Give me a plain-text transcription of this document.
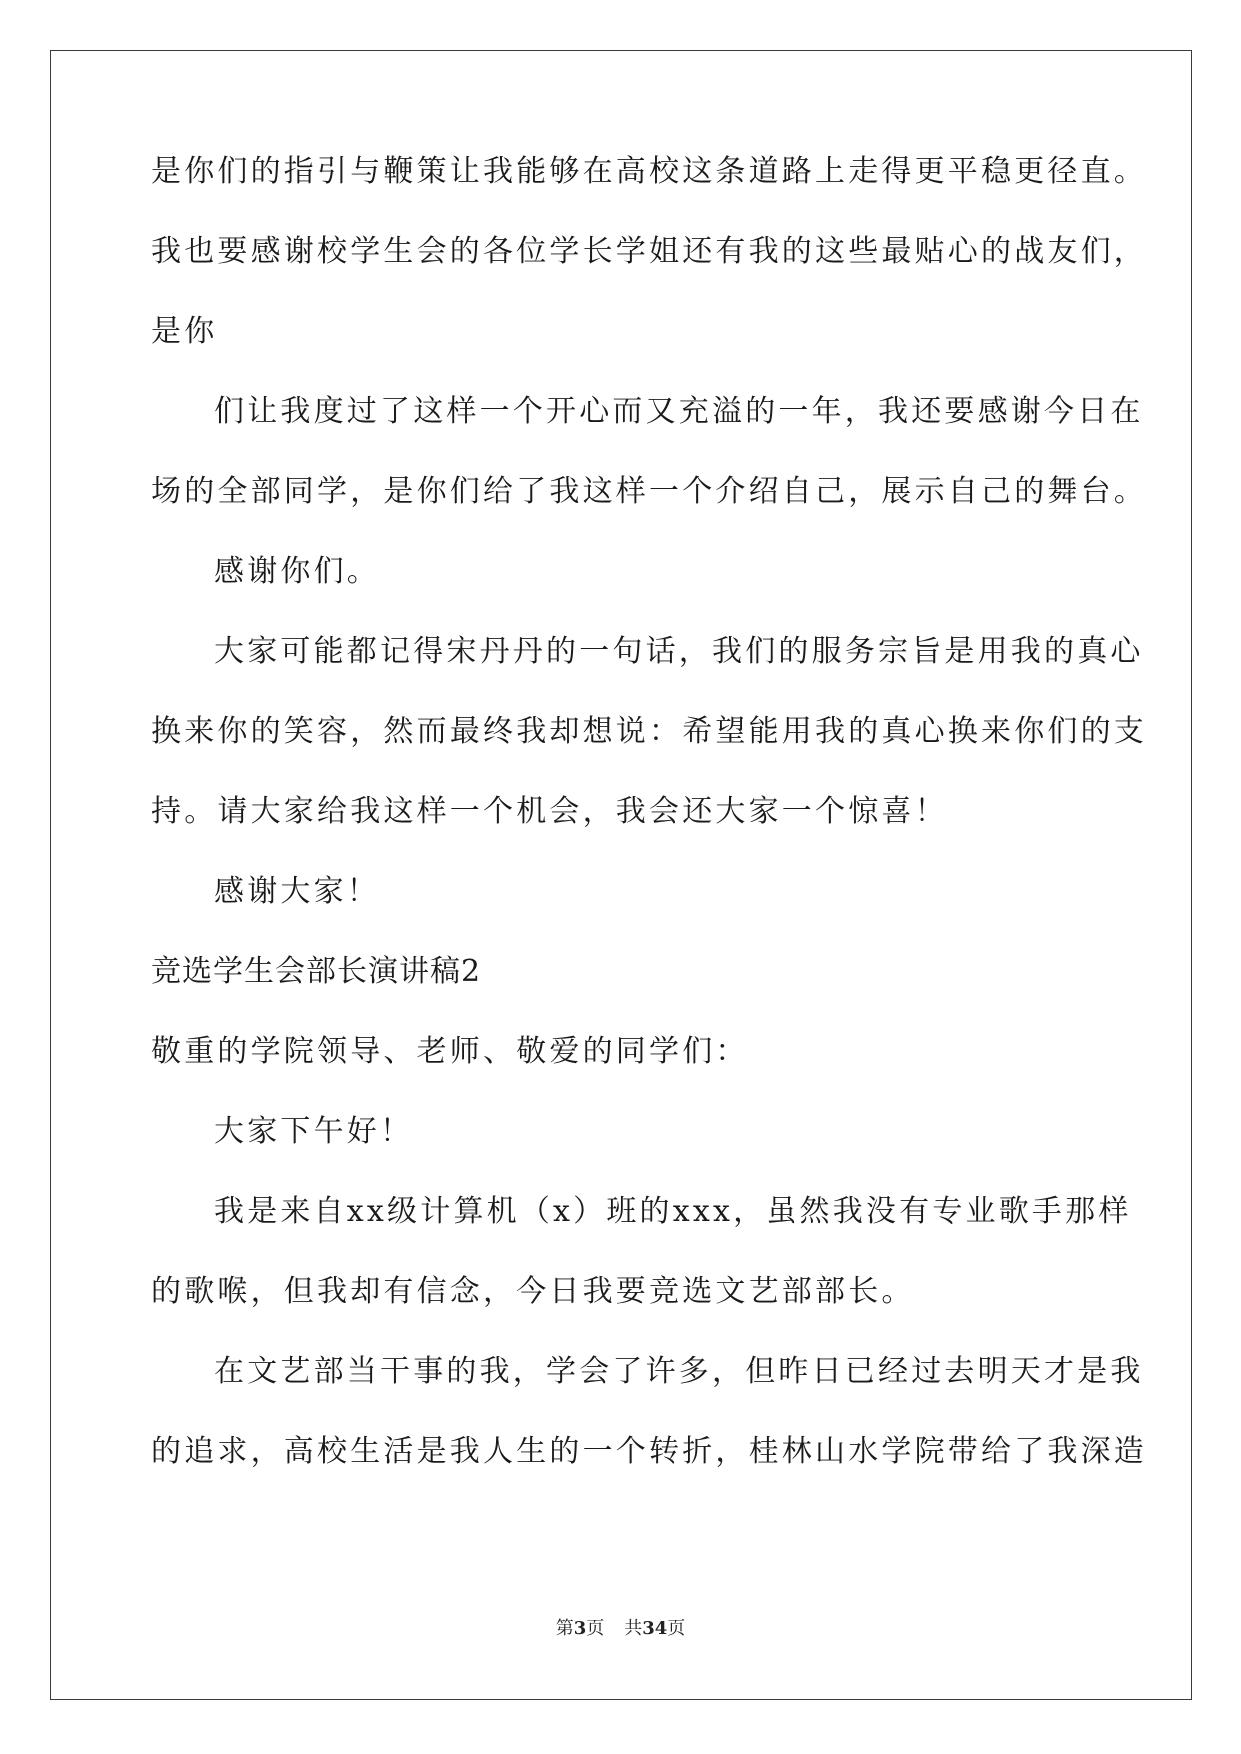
是你们的指引与鞭策让我能够在高校这条道路上走得更平稳更径直。
我也要感谢校学生会的各位学长学姐还有我的这些最贴心的战友们，
是你
们让我度过了这样一个开心而又充溢的一年，我还要感谢今日在
场的全部同学，是你们给了我这样一个介绍自己，展示自己的舞台。
感谢你们。
大家可能都记得宋丹丹的一句话，我们的服务宗旨是用我的真心
换来你的笑容，然而最终我却想说：希望能用我的真心换来你们的支
持。请大家给我这样一个机会，我会还大家一个惊喜！
感谢大家！
竞选学生会部长演讲稿2
敬重的学院领导、老师、敬爱的同学们：
大家下午好！
我是来自xx级计算机（x）班的xxx，虽然我没有专业歌手那样
的歌喉，但我却有信念，今日我要竞选文艺部部长。
在文艺部当干事的我，学会了许多，但昨日已经过去明天才是我
的追求，高校生活是我人生的一个转折，桂林山水学院带给了我深造
第3页 共34页
